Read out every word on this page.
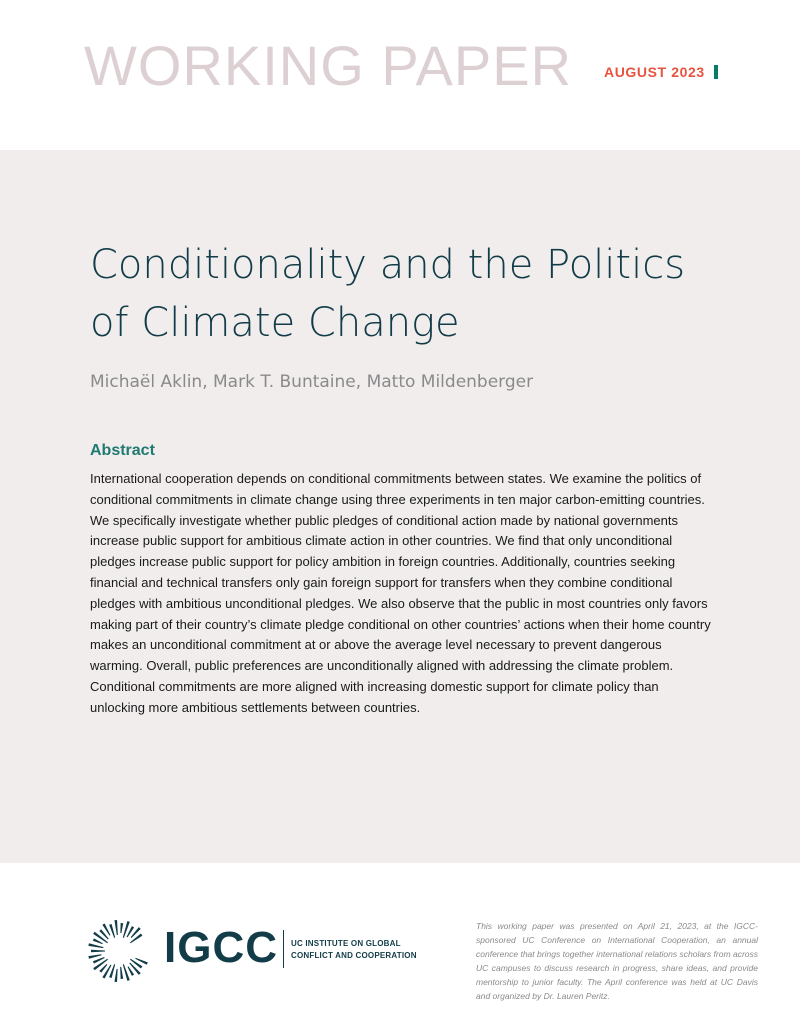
WORKING PAPER AUGUST 2023
Conditionality and the Politics of Climate Change
Michaël Aklin, Mark T. Buntaine, Matto Mildenberger
Abstract

International cooperation depends on conditional commitments between states. We examine the politics of conditional commitments in climate change using three experiments in ten major carbon-emitting countries. We specifically investigate whether public pledges of conditional action made by national governments increase public support for ambitious climate action in other countries. We find that only unconditional pledges increase public support for policy ambition in foreign countries. Additionally, countries seeking financial and technical transfers only gain foreign support for transfers when they combine conditional pledges with ambitious unconditional pledges. We also observe that the public in most countries only favors making part of their country’s climate pledge conditional on other countries’ actions when their home country makes an unconditional commitment at or above the average level necessary to prevent dangerous warming. Overall, public preferences are unconditionally aligned with addressing the climate problem. Conditional commitments are more aligned with increasing domestic support for climate policy than unlocking more ambitious settlements between countries.

IGCC UC INSTITUTE ON GLOBAL
CONFLICT AND COOPERATION

This working paper was presented on April 21, 2023, at the IGCC-sponsored UC Conference on International Cooperation, an annual conference that brings together international relations scholars from across UC campuses to discuss research in progress, share ideas, and provide mentorship to junior faculty. The April conference was held at UC Davis and organized by Dr. Lauren Peritz.
